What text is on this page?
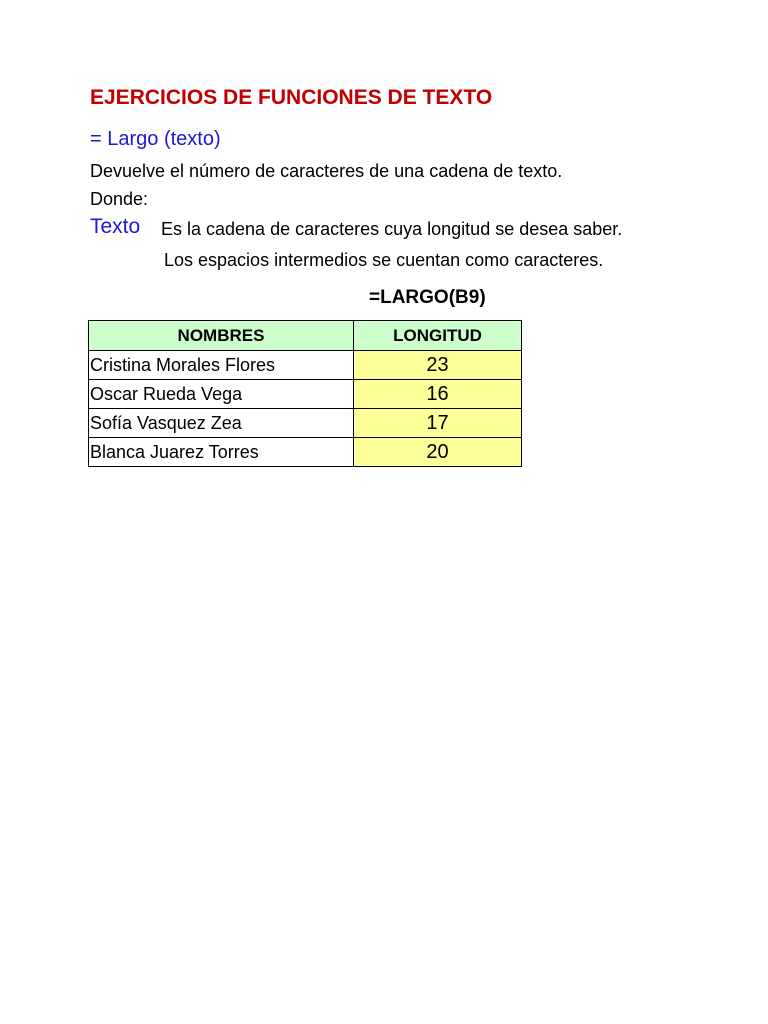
EJERCICIOS DE FUNCIONES DE TEXTO
= Largo (texto)
Devuelve el número de caracteres de una cadena de texto.
Donde:
Texto Es la cadena de caracteres cuya longitud se desea saber.
Los espacios intermedios se cuentan como caracteres.
=LARGO(B9)
NOMBRES	LONGITUD
Cristina Morales Flores	23
Oscar Rueda Vega	16
Sofía Vasquez Zea	17
Blanca Juarez Torres	20
